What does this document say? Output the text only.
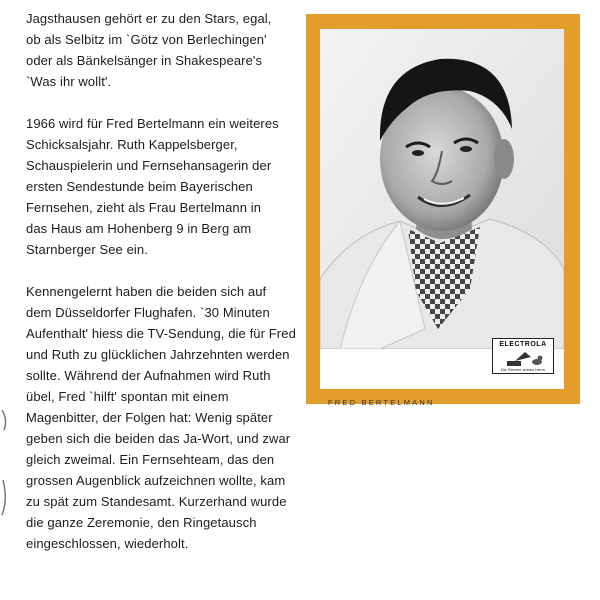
Jagsthausen gehört er zu den Stars, egal,
ob als Selbitz im `Götz von Berlechingen'
oder als Bänkelsänger in Shakespeare's
`Was ihr wollt'.
1966 wird für Fred Bertelmann ein weiteres
Schicksalsjahr. Ruth Kappelsberger,
Schauspielerin und Fernsehansagerin der
ersten Sendestunde beim Bayerischen
Fernsehen, zieht als Frau Bertelmann in
das Haus am Hohenberg 9 in Berg am
Starnberger See ein.
Kennengelernt haben die beiden sich auf
dem Düsseldorfer Flughafen. `30 Minuten
Aufenthalt' hiess die TV-Sendung, die für Fred
und Ruth zu glücklichen Jahrzehnten werden
sollte. Während der Aufnahmen wird Ruth
übel, Fred `hilft' spontan mit einem
Magenbitter, der Folgen hat: Wenig später
geben sich die beiden das Ja-Wort, und zwar
gleich zweimal. Ein Fernsehteam, das den
grossen Augenblick aufzeichnen wollte, kam
zu spät zum Standesamt. Kurzerhand wurde
die ganze Zeremonie, den Ringetausch
eingeschlossen, wiederholt.
FRED BERTELMANN
ELECTROLA
Die Stimme seines Herrn
